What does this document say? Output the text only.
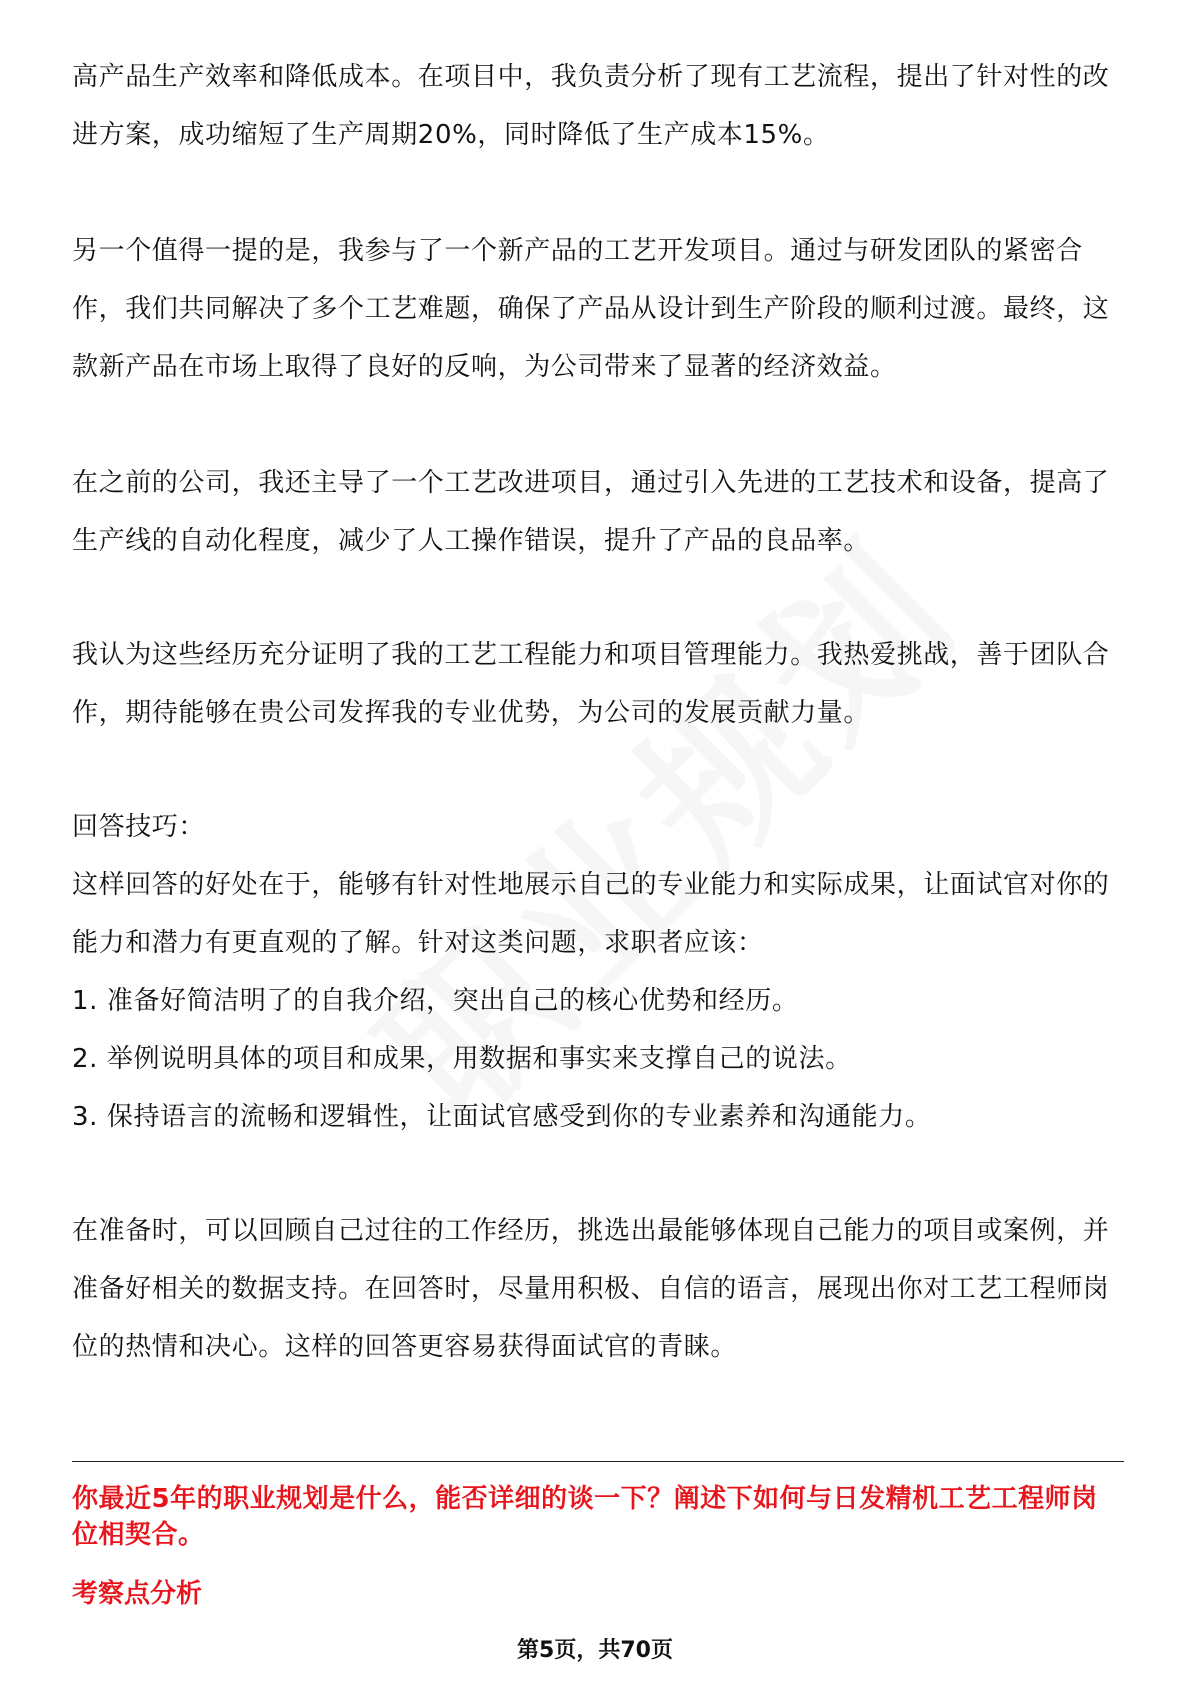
高产品生产效率和降低成本。在项目中，我负责分析了现有工艺流程，提出了针对性的改进方案，成功缩短了生产周期20%，同时降低了生产成本15%。

另一个值得一提的是，我参与了一个新产品的工艺开发项目。通过与研发团队的紧密合作，我们共同解决了多个工艺难题，确保了产品从设计到生产阶段的顺利过渡。最终，这款新产品在市场上取得了良好的反响，为公司带来了显著的经济效益。

在之前的公司，我还主导了一个工艺改进项目，通过引入先进的工艺技术和设备，提高了生产线的自动化程度，减少了人工操作错误，提升了产品的良品率。

我认为这些经历充分证明了我的工艺工程能力和项目管理能力。我热爱挑战，善于团队合作，期待能够在贵公司发挥我的专业优势，为公司的发展贡献力量。

回答技巧：

这样回答的好处在于，能够有针对性地展示自己的专业能力和实际成果，让面试官对你的能力和潜力有更直观的了解。针对这类问题，求职者应该：

1. 准备好简洁明了的自我介绍，突出自己的核心优势和经历。

2. 举例说明具体的项目和成果，用数据和事实来支撑自己的说法。

3. 保持语言的流畅和逻辑性，让面试官感受到你的专业素养和沟通能力。

在准备时，可以回顾自己过往的工作经历，挑选出最能够体现自己能力的项目或案例，并准备好相关的数据支持。在回答时，尽量用积极、自信的语言，展现出你对工艺工程师岗位的热情和决心。这样的回答更容易获得面试官的青睐。

你最近5年的职业规划是什么，能否详细的谈一下？阐述下如何与日发精机工艺工程师岗位相契合。

考察点分析

第5页，共70页
